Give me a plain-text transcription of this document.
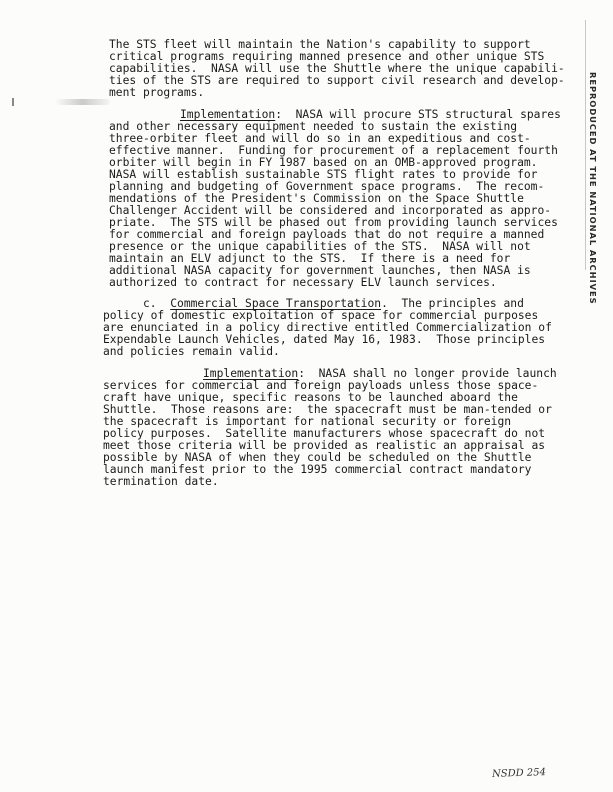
The STS fleet will maintain the Nation's capability to support
critical programs requiring manned presence and other unique STS
capabilities.  NASA will use the Shuttle where the unique capabili-
ties of the STS are required to support civil research and develop-
ment programs.
Implementation:  NASA will procure STS structural spares
and other necessary equipment needed to sustain the existing
three-orbiter fleet and will do so in an expeditious and cost-
effective manner.  Funding for procurement of a replacement fourth
orbiter will begin in FY 1987 based on an OMB-approved program.
NASA will establish sustainable STS flight rates to provide for
planning and budgeting of Government space programs.  The recom-
mendations of the President's Commission on the Space Shuttle
Challenger Accident will be considered and incorporated as appro-
priate.  The STS will be phased out from providing launch services
for commercial and foreign payloads that do not require a manned
presence or the unique capabilities of the STS.  NASA will not
maintain an ELV adjunct to the STS.  If there is a need for
additional NASA capacity for government launches, then NASA is
authorized to contract for necessary ELV launch services.
c. Commercial Space Transportation.  The principles and
policy of domestic exploitation of space for commercial purposes
are enunciated in a policy directive entitled Commercialization of
Expendable Launch Vehicles, dated May 16, 1983.  Those principles
and policies remain valid.
Implementation:  NASA shall no longer provide launch
services for commercial and foreign payloads unless those space-
craft have unique, specific reasons to be launched aboard the
Shuttle.  Those reasons are:  the spacecraft must be man-tended or
the spacecraft is important for national security or foreign
policy purposes.  Satellite manufacturers whose spacecraft do not
meet those criteria will be provided as realistic an appraisal as
possible by NASA of when they could be scheduled on the Shuttle
launch manifest prior to the 1995 commercial contract mandatory
termination date.
REPRODUCED AT THE NATIONAL ARCHIVES
NSDD 254
